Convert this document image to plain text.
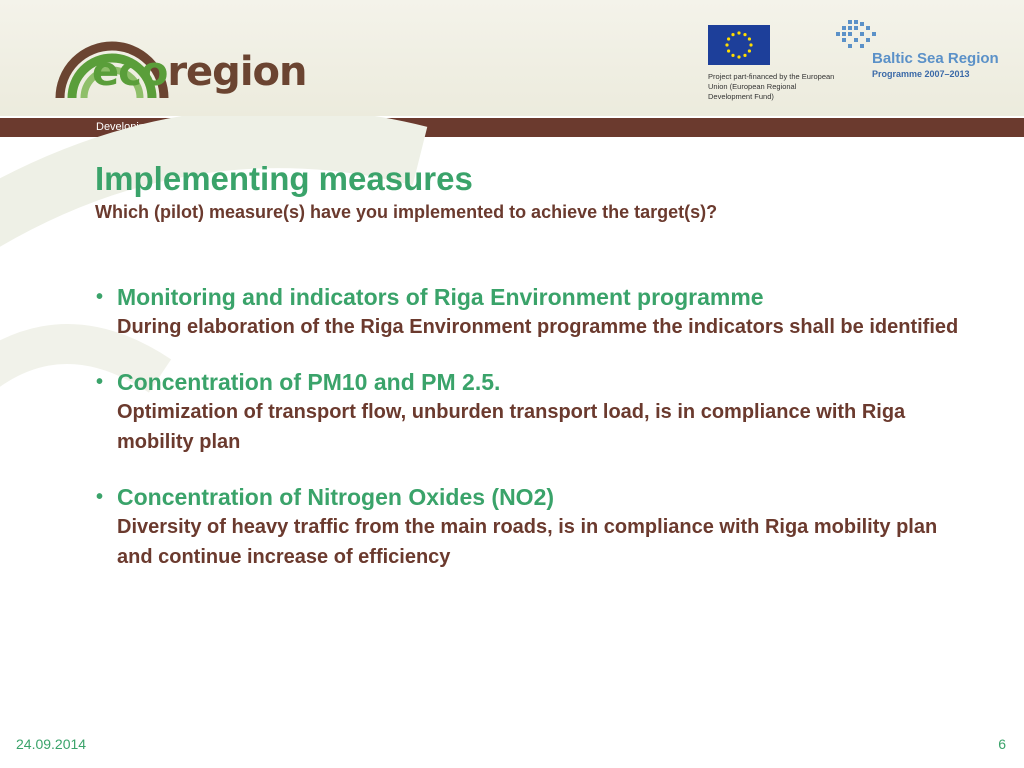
ecoregion	Project part-financed by the European Union (European Regional Development Fund)
Baltic Sea Region
Programme 2007–2013
Developing the BalticSeaRegion into the world’s first EcoRegion
Implementing measures
Which (pilot) measure(s) have you implemented to achieve the target(s)?
• Monitoring and indicators of Riga Environment programme
During elaboration of the Riga Environment programme the indicators shall be identified
• Concentration of PM10 and PM 2.5.
Optimization of transport flow, unburden transport load, is in compliance with Riga mobility plan
• Concentration of Nitrogen Oxides (NO2)
Diversity of heavy traffic from the main roads, is in compliance with Riga mobility plan and continue increase of efficiency
24.09.2014	6
